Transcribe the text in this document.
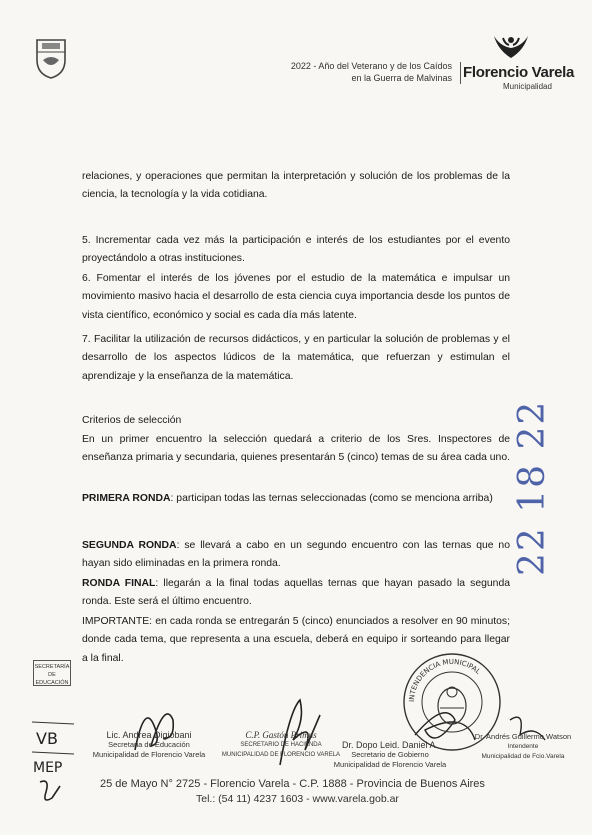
2022 - Año del Veterano y de los Caídos
en la Guerra de Malvinas Florencio Varela
Municipalidad
relaciones, y operaciones que permitan la interpretación y solución de los problemas de la ciencia, la tecnología y la vida cotidiana.
5. Incrementar cada vez más la participación e interés de los estudiantes por el evento proyectándolo a otras instituciones.
6. Fomentar el interés de los jóvenes por el estudio de la matemática e impulsar un movimiento masivo hacia el desarrollo de esta ciencia cuya importancia desde los puntos de vista científico, económico y social es cada día más latente.
7. Facilitar la utilización de recursos didácticos, y en particular la solución de problemas y el desarrollo de los aspectos lúdicos de la matemática, que refuerzan y estimulan el aprendizaje y la enseñanza de la matemática.
Criterios de selección
En un primer encuentro la selección quedará a criterio de los Sres. Inspectores de enseñanza primaria y secundaria, quienes presentarán 5 (cinco) temas de su área cada uno.
PRIMERA RONDA: participan todas las ternas seleccionadas (como se menciona arriba)
SEGUNDA RONDA: se llevará a cabo en un segundo encuentro con las ternas que no hayan sido eliminadas en la primera ronda.
RONDA FINAL: llegarán a la final todas aquellas ternas que hayan pasado la segunda ronda. Este será el último encuentro.
IMPORTANTE: en cada ronda se entregarán 5 (cinco) enunciados a resolver en 90 minutos; donde cada tema, que representa a una escuela, deberá en equipo ir sorteando para llegar a la final.
22 18 22
SECRETARÍA
DE EDUCACIÓN
VB
MEP
INTENDENCIA MUNICIPAL
Lic. Andrea Digiobani
Secretaria de Educación
Municipalidad de Florencio Varela
C.P. Gastón Primus
SECRETARIO DE HACIENDA
MUNICIPALIDAD DE FLORENCIO VARELA
Dr. Dopo Leid. Daniel A.
Secretario de Gobierno
Municipalidad de Florencio Varela
Dr. Andrés Guillermo Watson
Intendente
Municipalidad de Fcio.Varela
25 de Mayo N° 2725 - Florencio Varela - C.P. 1888 - Provincia de Buenos Aires
Tel.: (54 11) 4237 1603 - www.varela.gob.ar
